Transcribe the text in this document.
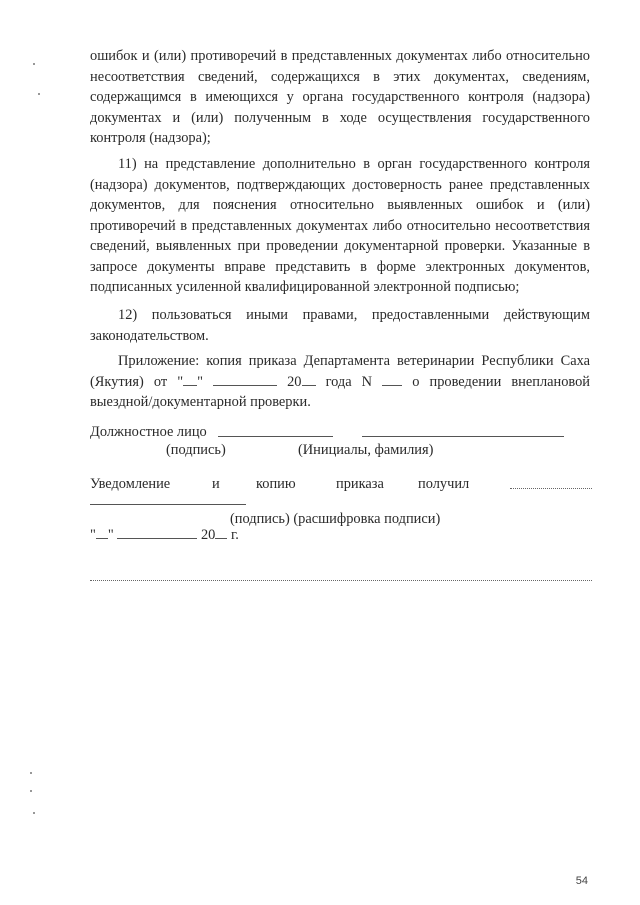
ошибок и (или) противоречий в представленных документах либо относительно несоответствия сведений, содержащихся в этих документах, сведениям, содержащимся в имеющихся у органа государственного контроля (надзора) документах и (или) полученным в ходе осуществления государственного контроля (надзора);

11) на представление дополнительно в орган государственного контроля (надзора) документов, подтверждающих достоверность ранее представленных документов, для пояснения относительно выявленных ошибок и (или) противоречий в представленных документах либо относительно несоответствия сведений, выявленных при проведении документарной проверки. Указанные в запросе документы вправе представить в форме электронных документов, подписанных усиленной квалифицированной электронной подписью;

12) пользоваться иными правами, предоставленными действующим законодательством.

Приложение: копия приказа Департамента ветеринарии Республики Саха (Якутия) от " "	20 года N	о проведении внеплановой выездной/документарной проверки.

Должностное лицо
(подпись)	(Инициалы, фамилия)
Уведомление	и	копию	приказа получил
(подпись) (расшифровка подписи)
" "	20 г.
54
